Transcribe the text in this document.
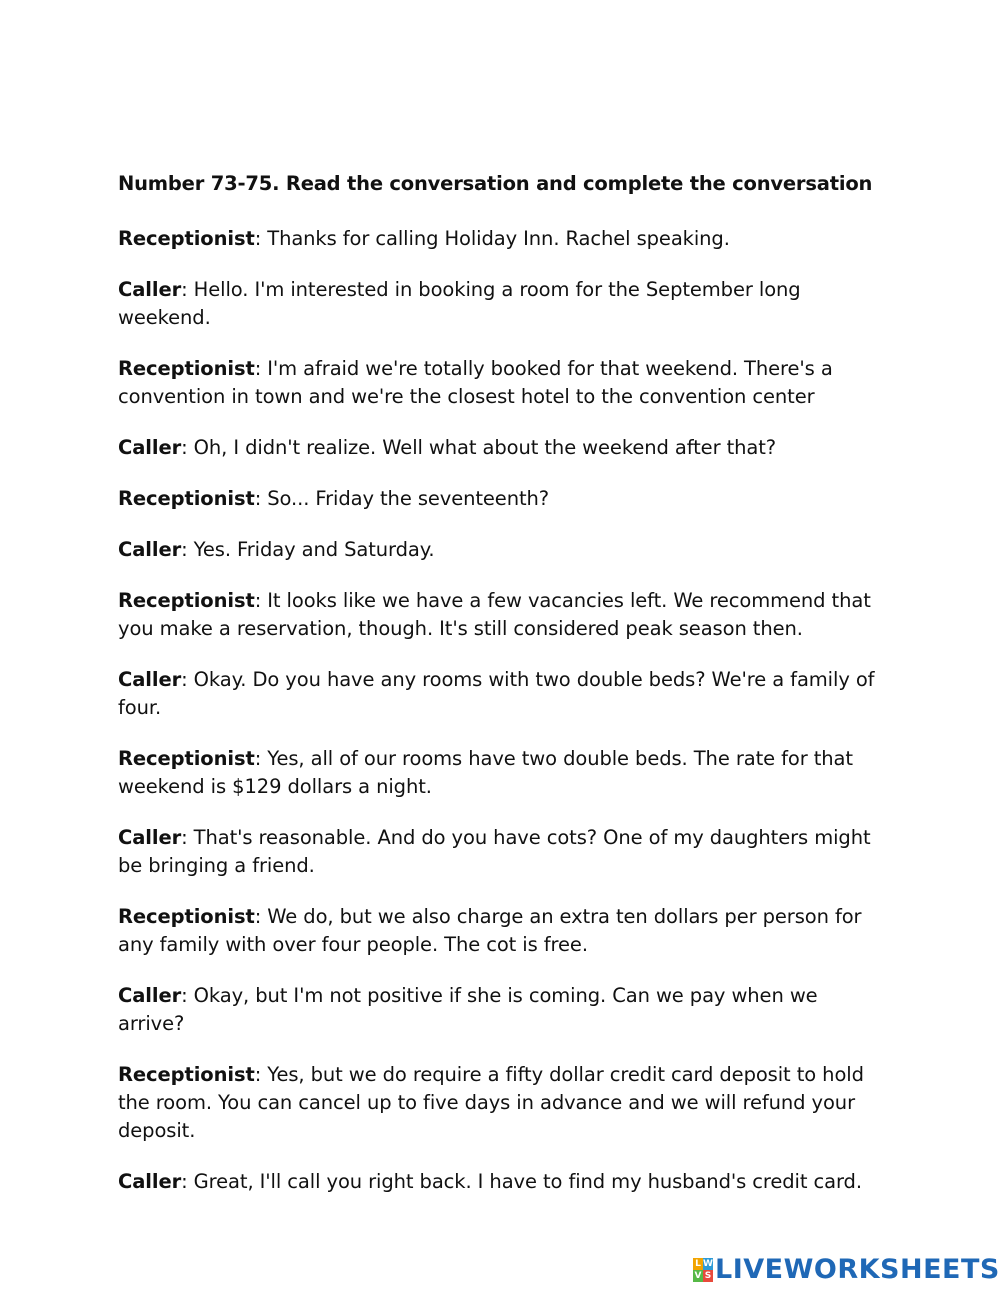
Number 73-75. Read the conversation and complete the conversation

Receptionist: Thanks for calling Holiday Inn. Rachel speaking.

Caller: Hello. I'm interested in booking a room for the September long weekend.

Receptionist: I'm afraid we're totally booked for that weekend. There's a convention in town and we're the closest hotel to the convention center

Caller: Oh, I didn't realize. Well what about the weekend after that?

Receptionist: So... Friday the seventeenth?

Caller: Yes. Friday and Saturday.

Receptionist: It looks like we have a few vacancies left. We recommend that you make a reservation, though. It's still considered peak season then.

Caller: Okay. Do you have any rooms with two double beds? We're a family of four.

Receptionist: Yes, all of our rooms have two double beds. The rate for that weekend is $129 dollars a night.

Caller: That's reasonable. And do you have cots? One of my daughters might be bringing a friend.

Receptionist: We do, but we also charge an extra ten dollars per person for any family with over four people. The cot is free.

Caller: Okay, but I'm not positive if she is coming. Can we pay when we arrive?

Receptionist: Yes, but we do require a fifty dollar credit card deposit to hold the room. You can cancel up to five days in advance and we will refund your deposit.

Caller: Great, I'll call you right back. I have to find my husband's credit card.

L W
V S LIVEWORKSHEETS
